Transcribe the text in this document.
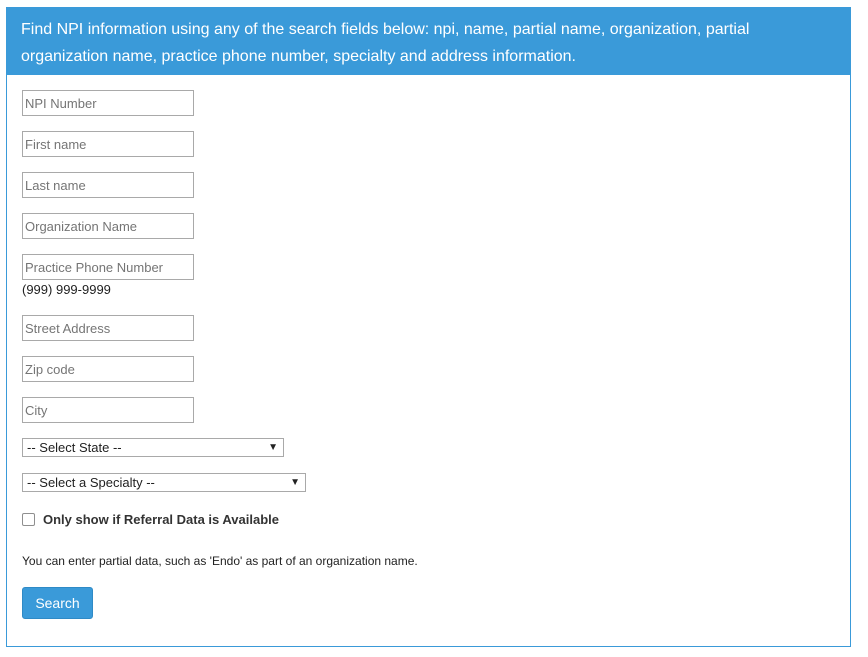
Find NPI information using any of the search fields below: npi, name, partial name, organization, partial organization name, practice phone number, specialty and address information.
NPI Number
First name
Last name
Organization Name
Practice Phone Number
(999) 999-9999
Street Address
Zip code
City
-- Select State --	▼
-- Select a Specialty --	▼
Only show if Referral Data is Available
You can enter partial data, such as 'Endo' as part of an organization name.
Search
